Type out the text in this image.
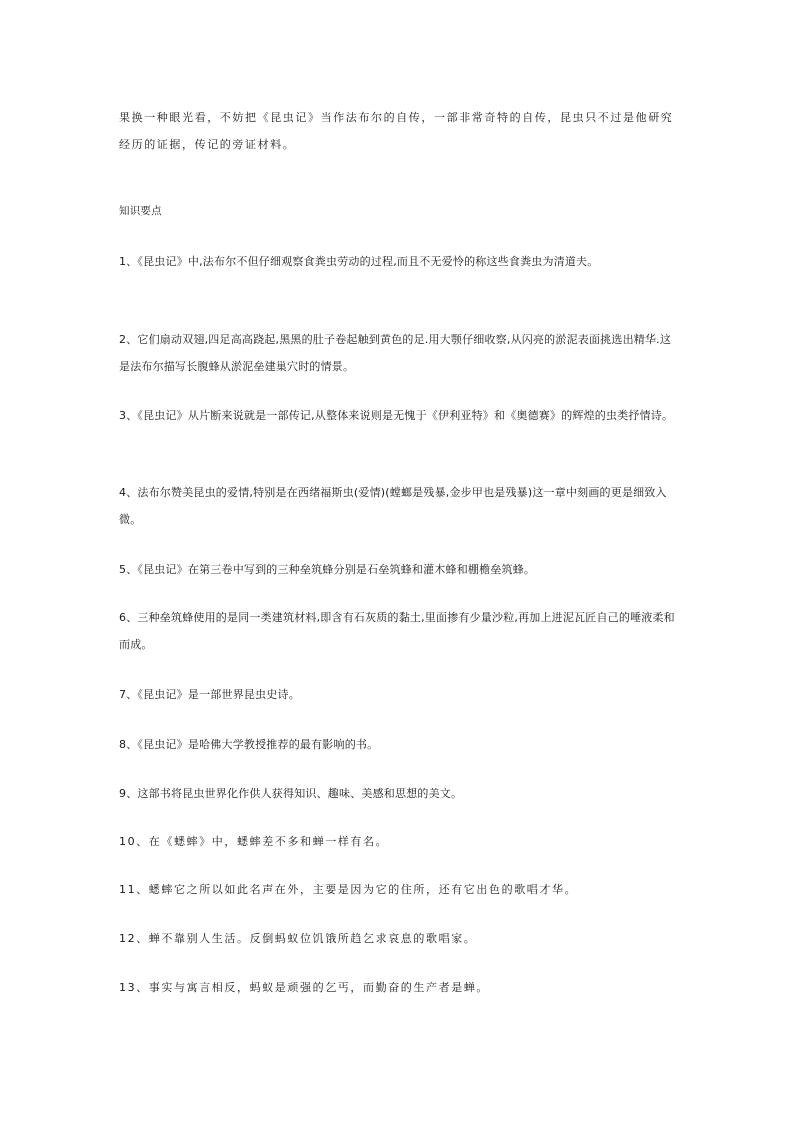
果换一种眼光看，不妨把《昆虫记》当作法布尔的自传，一部非常奇特的自传，昆虫只不过是他研究经历的证据，传记的旁证材料。

知识要点

1、《昆虫记》中,法布尔不但仔细观察食粪虫劳动的过程,而且不无爱怜的称这些食粪虫为清道夫。

2、它们扇动双翅,四足高高跷起,黑黑的肚子卷起触到黄色的足.用大颚仔细收察,从闪亮的淤泥表面挑选出精华.这是法布尔描写长腹蜂从淤泥垒建巢穴时的情景。

3、《昆虫记》从片断来说就是一部传记,从整体来说则是无愧于《伊利亚特》和《奥德赛》的辉煌的虫类抒情诗。

4、法布尔赞美昆虫的爱情,特别是在西绪福斯虫(爱情)(螳螂是残暴,金步甲也是残暴)这一章中刻画的更是细致入微。

5、《昆虫记》在第三卷中写到的三种垒筑蜂分别是石垒筑蜂和灌木蜂和棚檐垒筑蜂。

6、三种垒筑蜂使用的是同一类建筑材料,即含有石灰质的黏土,里面掺有少量沙粒,再加上进泥瓦匠自己的唾液柔和而成。

7、《昆虫记》是一部世界昆虫史诗。

8、《昆虫记》是哈佛大学教授推荐的最有影响的书。

9、这部书将昆虫世界化作供人获得知识、趣味、美感和思想的美文。

10、在《蟋蟀》中，蟋蟀差不多和蝉一样有名。

11、蟋蟀它之所以如此名声在外，主要是因为它的住所，还有它出色的歌唱才华。

12、蝉不靠别人生活。反倒蚂蚁位饥饿所趋乞求哀息的歌唱家。

13、事实与寓言相反，蚂蚁是顽强的乞丐，而勤奋的生产者是蝉。
